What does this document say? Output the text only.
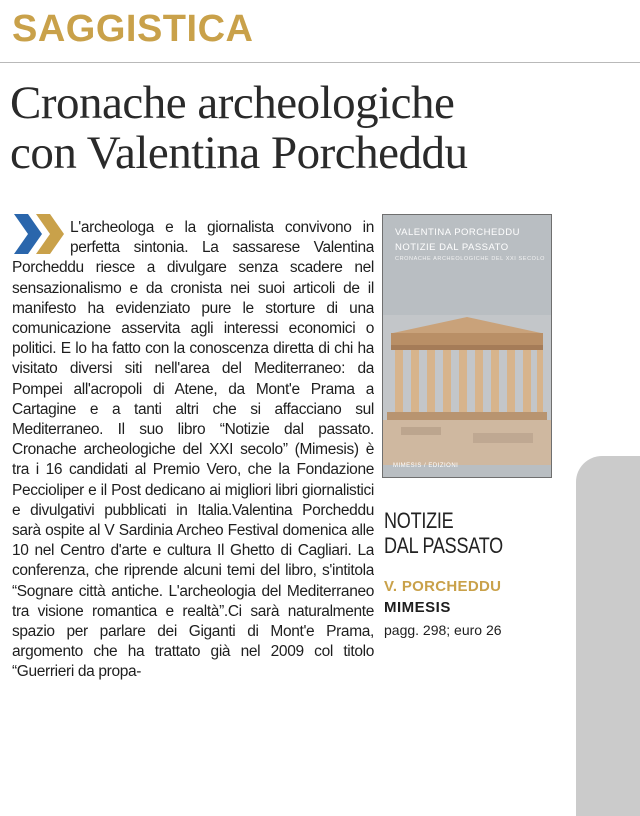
SAGGISTICA
Cronache archeologiche
con Valentina Porcheddu
L'archeologa e la giornalista convivono in perfetta sintonia. La sassarese Valentina Porcheddu riesce a divulgare senza scadere nel sensazionalismo e da cronista nei suoi articoli de il manifesto ha evidenziato pure le storture di una comunicazione asservita agli interessi economici o politici. E lo ha fatto con la conoscenza diretta di chi ha visitato diversi siti nell'area del Mediterraneo: da Pompei all'acropoli di Atene, da Mont'e Prama a Cartagine e a tanti altri che si affacciano sul Mediterraneo. Il suo libro “Notizie dal passato. Cronache archeologiche del XXI secolo” (Mimesis) è tra i 16 candidati al Premio Vero, che la Fondazione Peccioliper e il Post dedicano ai migliori libri giornalistici e divulgativi pubblicati in Italia.Valentina Porcheddu sarà ospite al V Sardinia Archeo Festival domenica alle 10 nel Centro d'arte e cultura Il Ghetto di Cagliari. La conferenza, che riprende alcuni temi del libro, s'intitola “Sognare città antiche. L'archeologia del Mediterraneo tra visione romantica e realtà”.Ci sarà naturalmente spazio per parlare dei Giganti di Mont'e Prama, argomento che ha trattato già nel 2009 col titolo “Guerrieri da propa-
VALENTINA PORCHEDDU
NOTIZIE DAL PASSATO
CRONACHE ARCHEOLOGICHE DEL XXI SECOLO
MIMESIS / EDIZIONI
NOTIZIE
DAL PASSATO
V. PORCHEDDU
MIMESIS
pagg. 298; euro 26
